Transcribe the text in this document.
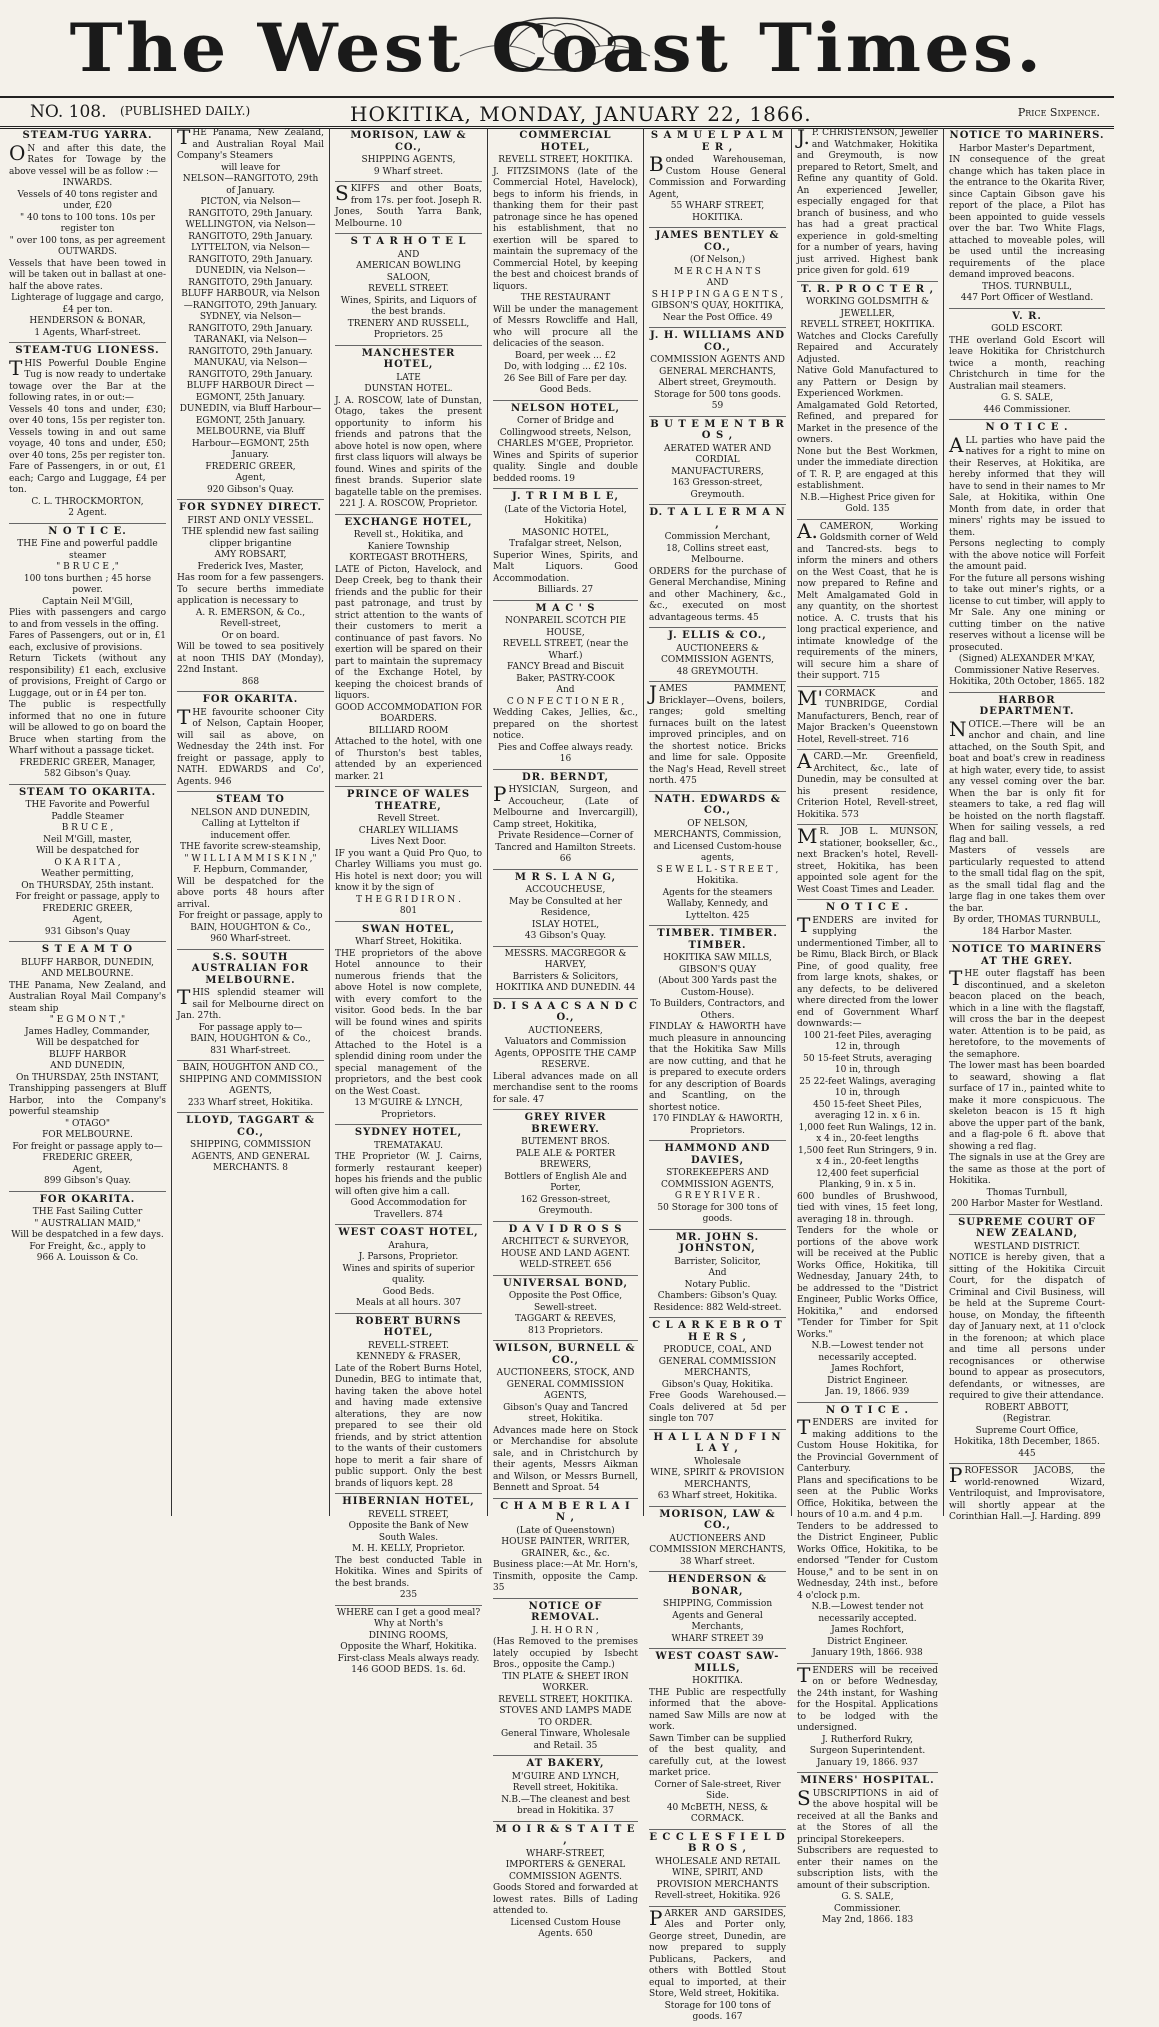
The West Coast Times.
NO. 108. (PUBLISHED DAILY.)	HOKITIKA, MONDAY, JANUARY 22, 1866.	Price Sixpence.
STEAM-TUG YARRA.

ON and after this date, the Rates for Towage by the above vessel will be as follow :—

INWARDS.

Vessels of 40 tons register and under, £20

" 40 tons to 100 tons. 10s per register ton

" over 100 tons, as per agreement

OUTWARDS.

Vessels that have been towed in will be taken out in ballast at one-half the above rates.

Lighterage of luggage and cargo, £4 per ton.

HENDERSON & BONAR,

1 Agents, Wharf-street.

STEAM-TUG LIONESS.

THIS Powerful Double Engine Tug is now ready to undertake towage over the Bar at the following rates, in or out:—

Vessels 40 tons and under, £30; over 40 tons, 15s per register ton.

Vessels towing in and out same voyage, 40 tons and under, £50; over 40 tons, 25s per register ton.

Fare of Passengers, in or out, £1 each; Cargo and Luggage, £4 per ton.

C. L. THROCKMORTON,

2 Agent.

N O T I C E.

THE Fine and powerful paddle steamer

" B R U C E ,"

100 tons burthen ; 45 horse power.

Captain Neil M'Gill,

Plies with passengers and cargo to and from vessels in the offing.

Fares of Passengers, out or in, £1 each, exclusive of provisions.

Return Tickets (without any responsibility) £1 each, exclusive of provisions, Freight of Cargo or Luggage, out or in £4 per ton.

The public is respectfully informed that no one in future will be allowed to go on board the Bruce when starting from the Wharf without a passage ticket.

FREDERIC GREER, Manager,

582 Gibson's Quay.

STEAM TO OKARITA.

THE Favorite and Powerful Paddle Steamer

B R U C E ,

Neil M'Gill, master,

Will be despatched for

O K A R I T A ,

Weather permitting,

On THURSDAY, 25th instant.

For freight or passage, apply to

FREDERIC GREER,

Agent,

931 Gibson's Quay

S T E A M T O

BLUFF HARBOR, DUNEDIN,

AND MELBOURNE.

THE Panama, New Zealand, and Australian Royal Mail Company's steam ship

" E G M O N T ,"

James Hadley, Commander,

Will be despatched for

BLUFF HARBOR

AND DUNEDIN,

On THURSDAY, 25th INSTANT,

Transhipping passengers at Bluff Harbor, into the Company's powerful steamship

" OTAGO"

FOR MELBOURNE.

For freight or passage apply to—

FREDERIC GREER,

Agent,

899 Gibson's Quay.

FOR OKARITA.

THE Fast Sailing Cutter

" AUSTRALIAN MAID,"

Will be despatched in a few days.

For Freight, &c., apply to

966 A. Louisson & Co.

THE Panama, New Zealand, and Australian Royal Mail Company's Steamers

will leave for

NELSON—RANGITOTO, 29th of January.

PICTON, via Nelson—RANGITOTO, 29th January.

WELLINGTON, via Nelson—RANGITOTO, 29th January.

LYTTELTON, via Nelson—RANGITOTO, 29th January.

DUNEDIN, via Nelson—RANGITOTO, 29th January.

BLUFF HARBOUR, via Nelson—RANGITOTO, 29th January.

SYDNEY, via Nelson—RANGITOTO, 29th January.

TARANAKI, via Nelson—RANGITOTO, 29th January.

MANUKAU, via Nelson—RANGITOTO, 29th January.

BLUFF HARBOUR Direct — EGMONT, 25th January.

DUNEDIN, via Bluff Harbour—EGMONT, 25th January.

MELBOURNE, via Bluff Harbour—EGMONT, 25th January.

FREDERIC GREER,

Agent,

920 Gibson's Quay.

FOR SYDNEY DIRECT.

FIRST AND ONLY VESSEL.

THE splendid new fast sailing clipper brigantine

AMY ROBSART,

Frederick Ives, Master,

Has room for a few passengers. To secure berths immediate application is necessary to

A. R. EMERSON, & Co.,

Revell-street,

Or on board.

Will be towed to sea positively at noon THIS DAY (Monday), 22nd Instant.

868

FOR OKARITA.

THE favourite schooner City of Nelson, Captain Hooper, will sail as above, on Wednesday the 24th inst. For freight or passage, apply to NATH. EDWARDS and Co', Agents. 946

STEAM TO

NELSON AND DUNEDIN,

Calling at Lyttelton if inducement offer.

THE favorite screw-steamship,

" W I L L I A M M I S K I N ,"

F. Hepburn, Commander,

Will be despatched for the above ports 48 hours after arrival.

For freight or passage, apply to

BAIN, HOUGHTON & Co.,

960 Wharf-street.

S.S. SOUTH AUSTRALIAN FOR MELBOURNE.

THIS splendid steamer will sail for Melbourne direct on Jan. 27th.

For passage apply to—

BAIN, HOUGHTON & Co.,

831 Wharf-street.

BAIN, HOUGHTON AND CO., SHIPPING AND COMMISSION AGENTS,

233 Wharf street, Hokitika.

LLOYD, TAGGART & CO.,

SHIPPING, COMMISSION AGENTS, AND GENERAL MERCHANTS. 8

MORISON, LAW & CO.,

SHIPPING AGENTS,

9 Wharf street.

SKIFFS and other Boats, from 17s. per foot. Joseph R. Jones, South Yarra Bank, Melbourne. 10

S T A R H O T E L

AND

AMERICAN BOWLING SALOON,

REVELL STREET.

Wines, Spirits, and Liquors of the best brands.

TRENERY AND RUSSELL,

Proprietors. 25

MANCHESTER HOTEL,

LATE

DUNSTAN HOTEL.

J. A. ROSCOW, late of Dunstan, Otago, takes the present opportunity to inform his friends and patrons that the above hotel is now open, where first class liquors will always be found. Wines and spirits of the finest brands. Superior slate bagatelle table on the premises.

221 J. A. ROSCOW, Proprietor.

EXCHANGE HOTEL,

Revell st., Hokitika, and Kaniere Township

KORTEGAST BROTHERS,

LATE of Picton, Havelock, and Deep Creek, beg to thank their friends and the public for their past patronage, and trust by strict attention to the wants of their customers to merit a continuance of past favors. No exertion will be spared on their part to maintain the supremacy of the Exchange Hotel, by keeping the choicest brands of liquors.

GOOD ACCOMMODATION FOR BOARDERS.

BILLIARD ROOM

Attached to the hotel, with one of Thurston's best tables, attended by an experienced marker. 21

PRINCE OF WALES THEATRE,

Revell Street.

CHARLEY WILLIAMS

Lives Next Door.

IF you want a Quid Pro Quo, to Charley Williams you must go. His hotel is next door; you will know it by the sign of

T H E G R I D I R O N .

801

SWAN HOTEL,

Wharf Street, Hokitika.

THE proprietors of the above Hotel announce to their numerous friends that the above Hotel is now complete, with every comfort to the visitor. Good beds. In the bar will be found wines and spirits of the choicest brands. Attached to the Hotel is a splendid dining room under the special management of the proprietors, and the best cook on the West Coast.

13 M'GUIRE & LYNCH, Proprietors.

SYDNEY HOTEL,

TREMATAKAU.

THE Proprietor (W. J. Cairns, formerly restaurant keeper) hopes his friends and the public will often give him a call.

Good Accommodation for Travellers. 874

WEST COAST HOTEL,

Arahura,

J. Parsons, Proprietor.

Wines and spirits of superior quality.

Good Beds.

Meals at all hours. 307

ROBERT BURNS HOTEL,

REVELL-STREET.

KENNEDY & FRASER,

Late of the Robert Burns Hotel, Dunedin, BEG to intimate that, having taken the above hotel and having made extensive alterations, they are now prepared to see their old friends, and by strict attention to the wants of their customers hope to merit a fair share of public support. Only the best brands of liquors kept. 28

HIBERNIAN HOTEL,

REVELL STREET,

Opposite the Bank of New South Wales.

M. H. KELLY, Proprietor.

The best conducted Table in Hokitika. Wines and Spirits of the best brands.

235

WHERE can I get a good meal?

Why at North's

DINING ROOMS,

Opposite the Wharf, Hokitika.

First-class Meals always ready.

146 GOOD BEDS. 1s. 6d.

COMMERCIAL HOTEL,

REVELL STREET, HOKITIKA.

J. FITZSIMONS (late of the Commercial Hotel, Havelock), begs to inform his friends, in thanking them for their past patronage since he has opened his establishment, that no exertion will be spared to maintain the supremacy of the Commercial Hotel, by keeping the best and choicest brands of liquors.

THE RESTAURANT

Will be under the management of Messrs Rowcliffe and Hall, who will procure all the delicacies of the season.

Board, per week ... £2

Do, with lodging ... £2 10s.

26 See Bill of Fare per day. Good Beds.

NELSON HOTEL,

Corner of Bridge and Collingwood streets, Nelson,

CHARLES M'GEE, Proprietor.

Wines and Spirits of superior quality. Single and double bedded rooms. 19

J. T R I M B L E,

(Late of the Victoria Hotel, Hokitika)

MASONIC HOTEL,

Trafalgar street, Nelson,

Superior Wines, Spirits, and Malt Liquors. Good Accommodation.

Billiards. 27

M A C ' S

NONPAREIL SCOTCH PIE HOUSE,

REVELL STREET, (near the Wharf.)

FANCY Bread and Biscuit Baker, PASTRY-COOK

And

C O N F E C T I O N E R ,

Wedding Cakes, Jellies, &c., prepared on the shortest notice.

Pies and Coffee always ready. 16

DR. BERNDT,

PHYSICIAN, Surgeon, and Accoucheur, (Late of Melbourne and Invercargill), Camp street, Hokitika,

Private Residence—Corner of Tancred and Hamilton Streets. 66

M R S. L A N G,

ACCOUCHEUSE,

May be Consulted at her Residence,

ISLAY HOTEL,

43 Gibson's Quay.

MESSRS. MACGREGOR & HARVEY,

Barristers & Solicitors,

HOKITIKA AND DUNEDIN. 44

D. I S A A C S A N D C O.,

AUCTIONEERS,

Valuators and Commission Agents, OPPOSITE THE CAMP RESERVE.

Liberal advances made on all merchandise sent to the rooms for sale. 47

GREY RIVER BREWERY.

BUTEMENT BROS.

PALE ALE & PORTER BREWERS,

Bottlers of English Ale and Porter,

162 Gresson-street, Greymouth.

D A V I D R O S S

ARCHITECT & SURVEYOR,

HOUSE AND LAND AGENT.

WELD-STREET. 656

UNIVERSAL BOND,

Opposite the Post Office,

Sewell-street.

TAGGART & REEVES,

813 Proprietors.

WILSON, BURNELL & CO.,

AUCTIONEERS, STOCK, AND GENERAL COMMISSION AGENTS,

Gibson's Quay and Tancred street, Hokitika.

Advances made here on Stock or Merchandise for absolute sale, and in Christchurch by their agents, Messrs Aikman and Wilson, or Messrs Burnell, Bennett and Sproat. 54

C H A M B E R L A I N ,

(Late of Queenstown)

HOUSE PAINTER, WRITER, GRAINER, &c., &c.

Business place:—At Mr. Horn's, Tinsmith, opposite the Camp. 35

NOTICE OF REMOVAL.

J. H. H O R N ,

(Has Removed to the premises lately occupied by Isbecht Bros., opposite the Camp.)

TIN PLATE & SHEET IRON WORKER.

REVELL STREET, HOKITIKA.

STOVES AND LAMPS MADE TO ORDER.

General Tinware, Wholesale and Retail. 35

AT BAKERY,

M'GUIRE AND LYNCH,

Revell street, Hokitika.

N.B.—The cleanest and best bread in Hokitika. 37

M O I R & S T A I T E ,

WHARF-STREET,

IMPORTERS & GENERAL COMMISSION AGENTS.

Goods Stored and forwarded at lowest rates. Bills of Lading attended to.

Licensed Custom House Agents. 650

S A M U E L P A L M E R ,

Bonded Warehouseman, Custom House General Commission and Forwarding Agent,

55 WHARF STREET, HOKITIKA.

JAMES BENTLEY & CO.,

(Of Nelson,)

M E R C H A N T S

AND

S H I P P I N G A G E N T S ,

GIBSON'S QUAY, HOKITIKA,

Near the Post Office. 49

J. H. WILLIAMS AND CO.,

COMMISSION AGENTS AND GENERAL MERCHANTS,

Albert street, Greymouth.

Storage for 500 tons goods. 59

B U T E M E N T B R O S ,

AERATED WATER AND CORDIAL MANUFACTURERS,

163 Gresson-street, Greymouth.

D. T A L L E R M A N ,

Commission Merchant,

18, Collins street east, Melbourne.

ORDERS for the purchase of General Merchandise, Mining and other Machinery, &c., &c., executed on most advantageous terms. 45

J. ELLIS & CO.,

AUCTIONEERS & COMMISSION AGENTS,

48 GREYMOUTH.

JAMES PAMMENT, Bricklayer—Ovens, boilers, ranges; gold smelting furnaces built on the latest improved principles, and on the shortest notice. Bricks and lime for sale. Opposite the Nag's Head, Revell street north. 475

NATH. EDWARDS & CO.,

OF NELSON,

MERCHANTS, Commission, and Licensed Custom-house agents,

S E W E L L - S T R E E T ,

Hokitika.

Agents for the steamers Wallaby, Kennedy, and Lyttelton. 425

TIMBER. TIMBER. TIMBER.

HOKITIKA SAW MILLS, GIBSON'S QUAY

(About 300 Yards past the Custom-House).

To Builders, Contractors, and Others.

FINDLAY & HAWORTH have much pleasure in announcing that the Hokitika Saw Mills are now cutting, and that he is prepared to execute orders for any description of Boards and Scantling, on the shortest notice.

170 FINDLAY & HAWORTH, Proprietors.

HAMMOND AND DAVIES,

STOREKEEPERS AND COMMISSION AGENTS,

G R E Y R I V E R .

50 Storage for 300 tons of goods.

MR. JOHN S. JOHNSTON,

Barrister, Solicitor,

And

Notary Public.

Chambers: Gibson's Quay. Residence: 882 Weld-street.

C L A R K E B R O T H E R S ,

PRODUCE, COAL, AND GENERAL COMMISSION MERCHANTS,

Gibson's Quay, Hokitika.

Free Goods Warehoused.—Coals delivered at 5d per single ton 707

H A L L A N D F I N L A Y ,

Wholesale

WINE, SPIRIT & PROVISION MERCHANTS,

63 Wharf street, Hokitika.

MORISON, LAW & CO.,

AUCTIONEERS AND COMMISSION MERCHANTS,

38 Wharf street.

HENDERSON & BONAR,

SHIPPING, Commission Agents and General Merchants,

WHARF STREET 39

WEST COAST SAW-MILLS,

HOKITIKA.

THE Public are respectfully informed that the above-named Saw Mills are now at work.

Sawn Timber can be supplied of the best quality, and carefully cut, at the lowest market price.

Corner of Sale-street, River Side.

40 McBETH, NESS, & CORMACK.

E C C L E S F I E L D B R O S ,

WHOLESALE AND RETAIL

WINE, SPIRIT, AND

PROVISION MERCHANTS

Revell-street, Hokitika. 926

PARKER AND GARSIDES, Ales and Porter only, George street, Dunedin, are now prepared to supply Publicans, Packers, and others with Bottled Stout equal to imported, at their Store, Weld street, Hokitika.

Storage for 100 tons of goods. 167

J.P. CHRISTENSON, Jeweller and Watchmaker, Hokitika and Greymouth, is now prepared to Retort, Smelt, and Refine any quantity of Gold. An experienced Jeweller, especially engaged for that branch of business, and who has had a great practical experience in gold-smelting for a number of years, having just arrived. Highest bank price given for gold. 619

T. R. P R O C T E R ,

WORKING GOLDSMITH & JEWELLER,

REVELL STREET, HOKITIKA.

Watches and Clocks Carefully Repaired and Accurately Adjusted.

Native Gold Manufactured to any Pattern or Design by Experienced Workmen.

Amalgamated Gold Retorted, Refined, and prepared for Market in the presence of the owners.

None but the Best Workmen, under the immediate direction of T. R. P, are engaged at this establishment.

N.B.—Highest Price given for Gold. 135

A.CAMERON, Working Goldsmith corner of Weld and Tancred-sts. begs to inform the miners and others on the West Coast, that he is now prepared to Refine and Melt Amalgamated Gold in any quantity, on the shortest notice. A. C. trusts that his long practical experience, and intimate knowledge of the requirements of the miners, will secure him a share of their support. 715

M'CORMACK and TUNBRIDGE, Cordial Manufacturers, Bench, rear of Major Bracken's Queenstown Hotel, Revell-street. 716

ACARD.—Mr. Greenfield, Architect, &c., late of Dunedin, may be consulted at his present residence, Criterion Hotel, Revell-street, Hokitika. 573

MR. JOB L. MUNSON, stationer, bookseller, &c., next Bracken's hotel, Revell-street, Hokitika, has been appointed sole agent for the West Coast Times and Leader.

N O T I C E .

TENDERS are invited for supplying the undermentioned Timber, all to be Rimu, Black Birch, or Black Pine, of good quality, free from large knots, shakes, or any defects, to be delivered where directed from the lower end of Government Wharf downwards:—

100 21-feet Piles, averaging 12 in, through

50 15-feet Struts, averaging 10 in, through

25 22-feet Walings, averaging 10 in, through

450 15-feet Sheet Piles, averaging 12 in. x 6 in.

1,000 feet Run Walings, 12 in. x 4 in., 20-feet lengths

1,500 feet Run Stringers, 9 in. x 4 in., 20-feet lengths

12,400 feet superficial Planking, 9 in. x 5 in.

600 bundles of Brushwood, tied with vines, 15 feet long, averaging 18 in. through.

Tenders for the whole or portions of the above work will be received at the Public Works Office, Hokitika, till Wednesday, January 24th, to be addressed to the "District Engineer, Public Works Office, Hokitika," and endorsed "Tender for Timber for Spit Works."

N.B.—Lowest tender not necessarily accepted.

James Rochfort,

District Engineer.

Jan. 19, 1866. 939

N O T I C E .

TENDERS are invited for making additions to the Custom House Hokitika, for the Provincial Government of Canterbury.

Plans and specifications to be seen at the Public Works Office, Hokitika, between the hours of 10 a.m. and 4 p.m.

Tenders to be addressed to the District Engineer, Public Works Office, Hokitika, to be endorsed "Tender for Custom House," and to be sent in on Wednesday, 24th inst., before 4 o'clock p.m.

N.B.—Lowest tender not necessarily accepted.

James Rochfort,

District Engineer.

January 19th, 1866. 938

TENDERS will be received on or before Wednesday, the 24th instant, for Washing for the Hospital. Applications to be lodged with the undersigned.

J. Rutherford Rukry,

Surgeon Superintendent.

January 19, 1866. 937

MINERS' HOSPITAL.

SUBSCRIPTIONS in aid of the above hospital will be received at all the Banks and at the Stores of all the principal Storekeepers.

Subscribers are requested to enter their names on the subscription lists, with the amount of their subscription.

G. S. SALE,

Commissioner.

May 2nd, 1866. 183

NOTICE TO MARINERS.

Harbor Master's Department,

IN consequence of the great change which has taken place in the entrance to the Okarita River, since Captain Gibson gave his report of the place, a Pilot has been appointed to guide vessels over the bar. Two White Flags, attached to moveable poles, will be used until the increasing requirements of the place demand improved beacons.

THOS. TURNBULL,

447 Port Officer of Westland.

V. R.

GOLD ESCORT.

THE overland Gold Escort will leave Hokitika for Christchurch twice a month, reaching Christchurch in time for the Australian mail steamers.

G. S. SALE,

446 Commissioner.

N O T I C E .

ALL parties who have paid the natives for a right to mine on their Reserves, at Hokitika, are hereby informed that they will have to send in their names to Mr Sale, at Hokitika, within One Month from date, in order that miners' rights may be issued to them.

Persons neglecting to comply with the above notice will Forfeit the amount paid.

For the future all persons wishing to take out miner's rights, or a license to cut timber, will apply to Mr Sale. Any one mining or cutting timber on the native reserves without a license will be prosecuted.

(Signed) ALEXANDER M'KAY,

Commissioner Native Reserves.

Hokitika, 20th October, 1865. 182

HARBOR DEPARTMENT.

NOTICE.—There will be an anchor and chain, and line attached, on the South Spit, and boat and boat's crew in readiness at high water, every tide, to assist any vessel coming over the bar. When the bar is only fit for steamers to take, a red flag will be hoisted on the north flagstaff. When for sailing vessels, a red flag and ball.

Masters of vessels are particularly requested to attend to the small tidal flag on the spit, as the small tidal flag and the large flag in one takes them over the bar.

By order, THOMAS TURNBULL,

184 Harbor Master.

NOTICE TO MARINERS AT THE GREY.

THE outer flagstaff has been discontinued, and a skeleton beacon placed on the beach, which in a line with the flagstaff, will cross the bar in the deepest water. Attention is to be paid, as heretofore, to the movements of the semaphore.

The lower mast has been boarded to seaward, showing a flat surface of 17 in., painted white to make it more conspicuous. The skeleton beacon is 15 ft high above the upper part of the bank, and a flag-pole 6 ft. above that showing a red flag.

The signals in use at the Grey are the same as those at the port of Hokitika.

Thomas Turnbull,

200 Harbor Master for Westland.

SUPREME COURT OF NEW ZEALAND,

WESTLAND DISTRICT.

NOTICE is hereby given, that a sitting of the Hokitika Circuit Court, for the dispatch of Criminal and Civil Business, will be held at the Supreme Court-house, on Monday, the fifteenth day of January next, at 11 o'clock in the forenoon; at which place and time all persons under recognisances or otherwise bound to appear as prosecutors, defendants, or witnesses, are required to give their attendance.

ROBERT ABBOTT,

(Registrar.

Supreme Court Office,

Hokitika, 18th December, 1865.

445

PROFESSOR JACOBS, the world-renowned Wizard, Ventriloquist, and Improvisatore, will shortly appear at the Corinthian Hall.—J. Harding. 899
